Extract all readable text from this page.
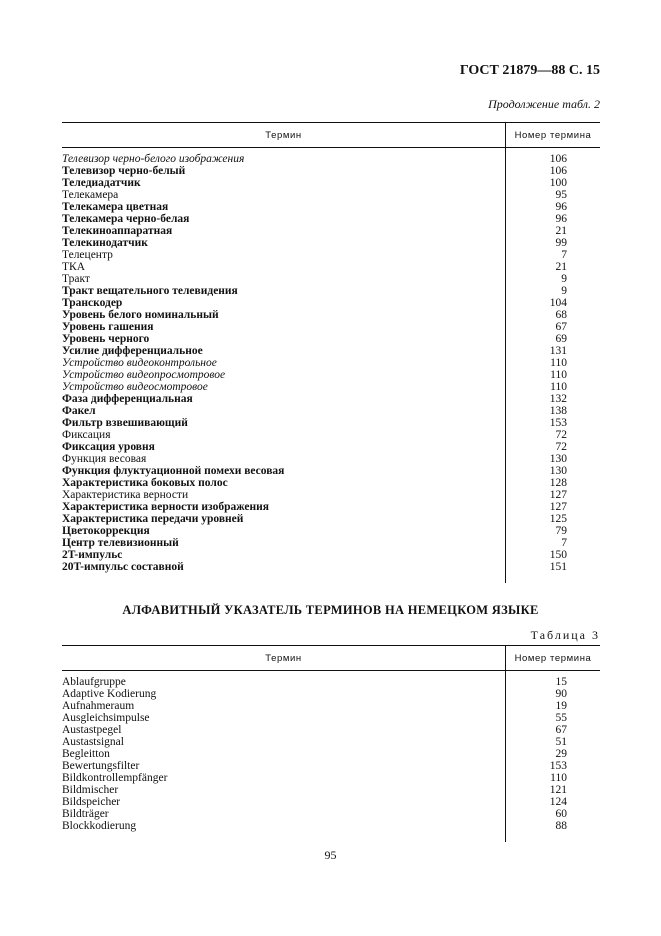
ГОСТ 21879—88 С. 15
Продолжение табл. 2
Термин	Номер термина

Телевизор черно-белого изображения	106
Телевизор черно-белый	106
Теледиадатчик	100
Телекамера	95
Телекамера цветная	96
Телекамера черно-белая	96
Телекиноаппаратная	21
Телекинодатчик	99
Телецентр	7
ТКА	21
Тракт	9
Тракт вещательного телевидения	9
Транскодер	104
Уровень белого номинальный	68
Уровень гашения	67
Уровень черного	69
Усилие дифференциальное	131
Устройство видеоконтрольное	110
Устройство видеопросмотровое	110
Устройство видеосмотровое	110
Фаза дифференциальная	132
Факел	138
Фильтр взвешивающий	153
Фиксация	72
Фиксация уровня	72
Функция весовая	130
Функция флуктуационной помехи весовая	130
Характеристика боковых полос	128
Характеристика верности	127
Характеристика верности изображения	127
Характеристика передачи уровней	125
Цветокоррекция	79
Центр телевизионный	7
2T-импульс	150
20T-импульс составной	151

АЛФАВИТНЫЙ УКАЗАТЕЛЬ ТЕРМИНОВ НА НЕМЕЦКОМ ЯЗЫКЕ
Таблица 3
Термин	Номер термина

Ablaufgruppe	15
Adaptive Kodierung	90
Aufnahmeraum	19
Ausgleichsimpulse	55
Austastpegel	67
Austastsignal	51
Begleitton	29
Bewertungsfilter	153
Bildkontrollempfänger	110
Bildmischer	121
Bildspeicher	124
Bildträger	60
Blockkodierung	88

95
